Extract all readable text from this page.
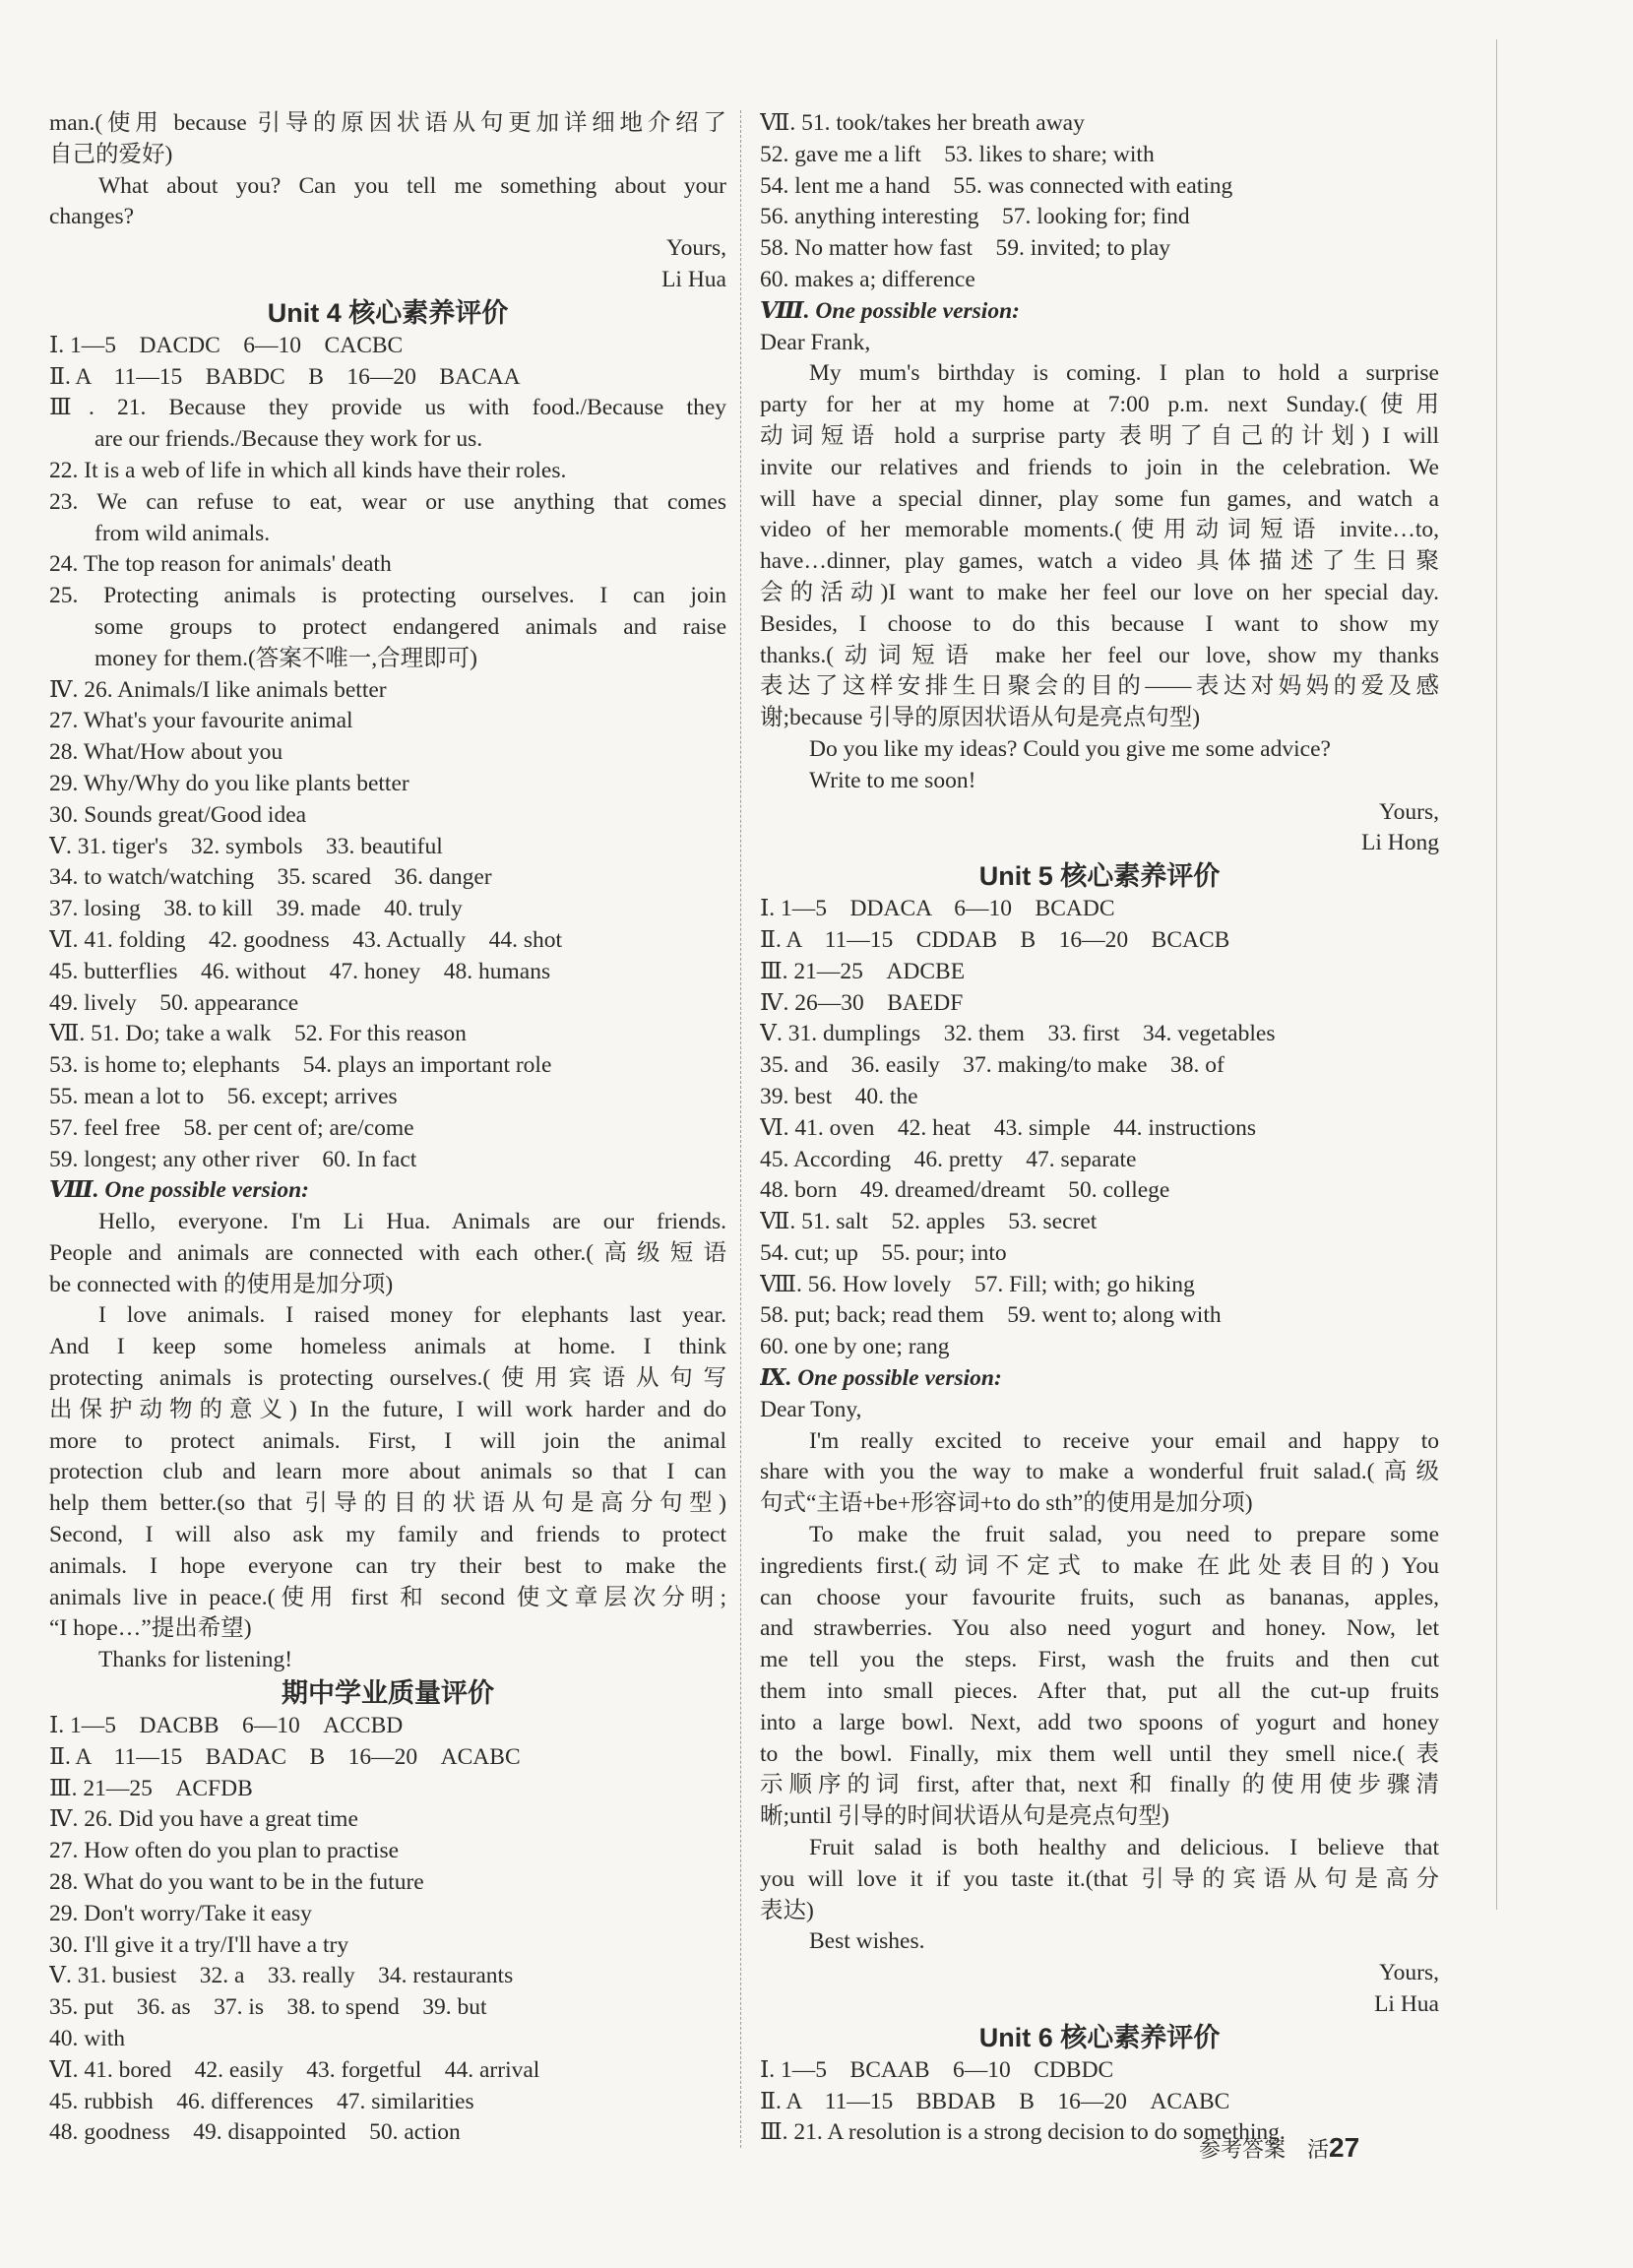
man.(使用 because 引导的原因状语从句更加详细地介绍了
自己的爱好)
What about you? Can you tell me something about your
changes?
Yours,
Li Hua
Unit 4 核心素养评价
Ⅰ. 1—5　DACDC　6—10　CACBC
Ⅱ. A　11—15　BABDC　B　16—20　BACAA
Ⅲ. 21. Because they provide us with food./Because they
are our friends./Because they work for us.
22. It is a web of life in which all kinds have their roles.
23. We can refuse to eat, wear or use anything that comes
from wild animals.
24. The top reason for animals' death
25. Protecting animals is protecting ourselves. I can join
some groups to protect endangered animals and raise
money for them.(答案不唯一,合理即可)
Ⅳ. 26. Animals/I like animals better
27. What's your favourite animal
28. What/How about you
29. Why/Why do you like plants better
30. Sounds great/Good idea
Ⅴ. 31. tiger's　32. symbols　33. beautiful
34. to watch/watching　35. scared　36. danger
37. losing　38. to kill　39. made　40. truly
Ⅵ. 41. folding　42. goodness　43. Actually　44. shot
45. butterflies　46. without　47. honey　48. humans
49. lively　50. appearance
Ⅶ. 51. Do; take a walk　52. For this reason
53. is home to; elephants　54. plays an important role
55. mean a lot to　56. except; arrives
57. feel free　58. per cent of; are/come
59. longest; any other river　60. In fact
Ⅷ. One possible version:
Hello, everyone. I'm Li Hua. Animals are our friends.
People and animals are connected with each other.(高级短语
be connected with 的使用是加分项)
I love animals. I raised money for elephants last year.
And I keep some homeless animals at home. I think
protecting animals is protecting ourselves.(使用宾语从句写
出保护动物的意义) In the future, I will work harder and do
more to protect animals. First, I will join the animal
protection club and learn more about animals so that I can
help them better.(so that 引导的目的状语从句是高分句型)
Second, I will also ask my family and friends to protect
animals. I hope everyone can try their best to make the
animals live in peace.(使用 first 和 second 使文章层次分明;
“I hope…”提出希望)
Thanks for listening!
期中学业质量评价
Ⅰ. 1—5　DACBB　6—10　ACCBD
Ⅱ. A　11—15　BADAC　B　16—20　ACABC
Ⅲ. 21—25　ACFDB
Ⅳ. 26. Did you have a great time
27. How often do you plan to practise
28. What do you want to be in the future
29. Don't worry/Take it easy
30. I'll give it a try/I'll have a try
Ⅴ. 31. busiest　32. a　33. really　34. restaurants
35. put　36. as　37. is　38. to spend　39. but
40. with
Ⅵ. 41. bored　42. easily　43. forgetful　44. arrival
45. rubbish　46. differences　47. similarities
48. goodness　49. disappointed　50. action
Ⅶ. 51. took/takes her breath away
52. gave me a lift　53. likes to share; with
54. lent me a hand　55. was connected with eating
56. anything interesting　57. looking for; find
58. No matter how fast　59. invited; to play
60. makes a; difference
Ⅷ. One possible version:
Dear Frank,
My mum's birthday is coming. I plan to hold a surprise
party for her at my home at 7:00 p.m. next Sunday.(使用
动词短语 hold a surprise party 表明了自己的计划) I will
invite our relatives and friends to join in the celebration. We
will have a special dinner, play some fun games, and watch a
video of her memorable moments.(使用动词短语 invite…to,
have…dinner, play games, watch a video 具体描述了生日聚
会的活动)I want to make her feel our love on her special day.
Besides, I choose to do this because I want to show my
thanks.(动词短语 make her feel our love, show my thanks
表达了这样安排生日聚会的目的——表达对妈妈的爱及感
谢;because 引导的原因状语从句是亮点句型)
Do you like my ideas? Could you give me some advice?
Write to me soon!
Yours,
Li Hong
Unit 5 核心素养评价
Ⅰ. 1—5　DDACA　6—10　BCADC
Ⅱ. A　11—15　CDDAB　B　16—20　BCACB
Ⅲ. 21—25　ADCBE
Ⅳ. 26—30　BAEDF
Ⅴ. 31. dumplings　32. them　33. first　34. vegetables
35. and　36. easily　37. making/to make　38. of
39. best　40. the
Ⅵ. 41. oven　42. heat　43. simple　44. instructions
45. According　46. pretty　47. separate
48. born　49. dreamed/dreamt　50. college
Ⅶ. 51. salt　52. apples　53. secret
54. cut; up　55. pour; into
Ⅷ. 56. How lovely　57. Fill; with; go hiking
58. put; back; read them　59. went to; along with
60. one by one; rang
Ⅸ. One possible version:
Dear Tony,
I'm really excited to receive your email and happy to
share with you the way to make a wonderful fruit salad.(高级
句式“主语+be+形容词+to do sth”的使用是加分项)
To make the fruit salad, you need to prepare some
ingredients first.(动词不定式 to make 在此处表目的) You
can choose your favourite fruits, such as bananas, apples,
and strawberries. You also need yogurt and honey. Now, let
me tell you the steps. First, wash the fruits and then cut
them into small pieces. After that, put all the cut-up fruits
into a large bowl. Next, add two spoons of yogurt and honey
to the bowl. Finally, mix them well until they smell nice.(表
示顺序的词 first, after that, next 和 finally 的使用使步骤清
晰;until 引导的时间状语从句是亮点句型)
Fruit salad is both healthy and delicious. I believe that
you will love it if you taste it.(that 引导的宾语从句是高分
表达)
Best wishes.
Yours,
Li Hua
Unit 6 核心素养评价
Ⅰ. 1—5　BCAAB　6—10　CDBDC
Ⅱ. A　11—15　BBDAB　B　16—20　ACABC
Ⅲ. 21. A resolution is a strong decision to do something.
参考答案　活27
